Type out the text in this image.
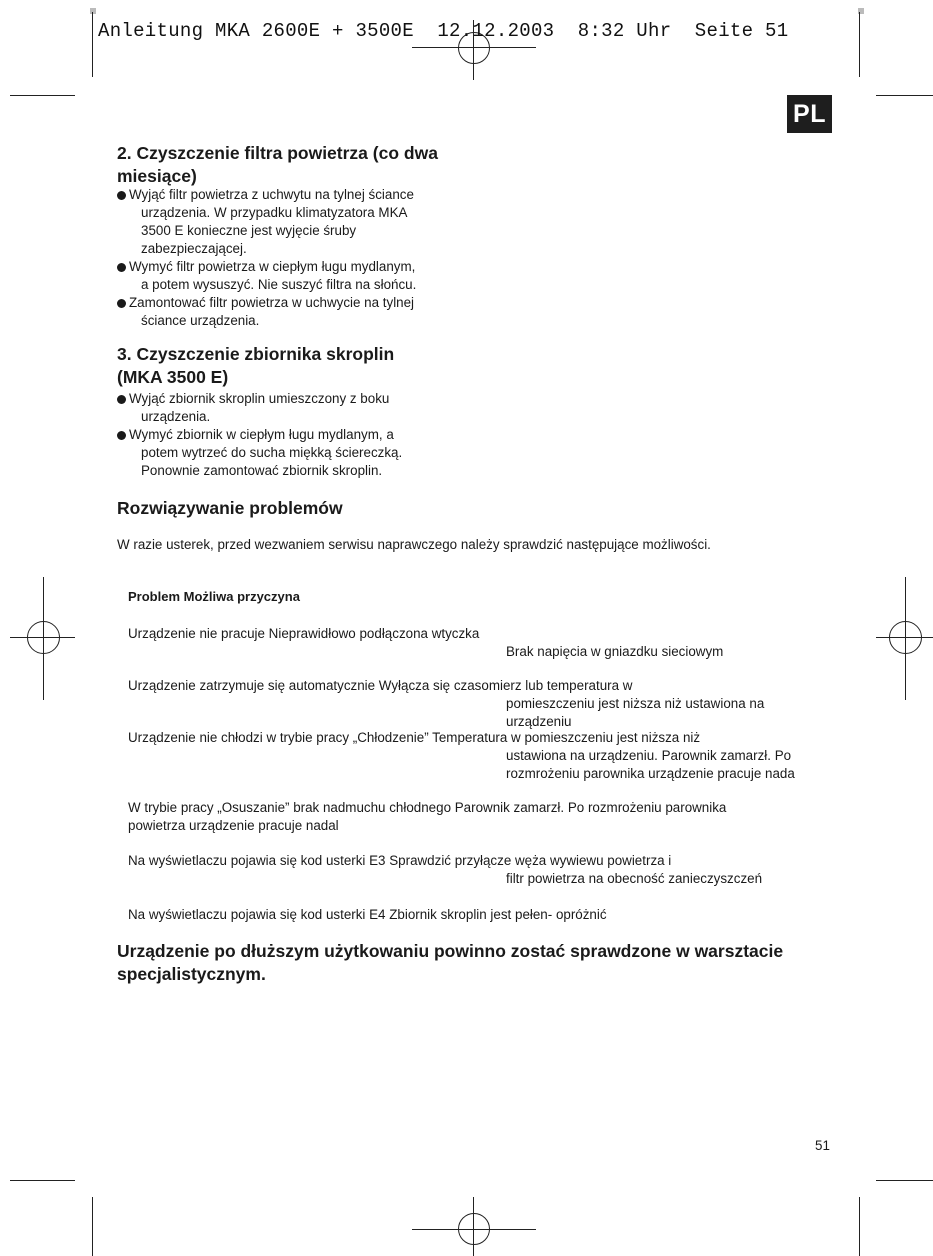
Anleitung MKA 2600E + 3500E  12.12.2003  8:32 Uhr  Seite 51
PL
2. Czyszczenie filtra powietrza (co dwa miesiące)
Wyjąć filtr powietrza z uchwytu na tylnej ściance
urządzenia. W przypadku klimatyzatora MKA
3500 E konieczne jest wyjęcie śruby
zabezpieczającej.
Wymyć filtr powietrza w ciepłym ługu mydlanym,
a potem wysuszyć. Nie suszyć filtra na słońcu.
Zamontować filtr powietrza w uchwycie na tylnej
ściance urządzenia.
3. Czyszczenie zbiornika skroplin
(MKA 3500 E)
Wyjąć zbiornik skroplin umieszczony z boku
urządzenia.
Wymyć zbiornik w ciepłym ługu mydlanym, a
potem wytrzeć do sucha miękką ściereczką.
Ponownie zamontować zbiornik skroplin.
Rozwiązywanie problemów
W razie usterek, przed wezwaniem serwisu naprawczego należy sprawdzić następujące możliwości.
Problem Możliwa przyczyna
Urządzenie nie pracuje Nieprawidłowo podłączona wtyczka
Brak napięcia w gniazdku sieciowym
Urządzenie zatrzymuje się automatycznie Wyłącza się czasomierz lub temperatura w
pomieszczeniu jest niższa niż ustawiona na
urządzeniu
Urządzenie nie chłodzi w trybie pracy „Chłodzenie” Temperatura w pomieszczeniu jest niższa niż
ustawiona na urządzeniu. Parownik zamarzł. Po
rozmrożeniu parownika urządzenie pracuje nada
W trybie pracy „Osuszanie” brak nadmuchu chłodnego Parownik zamarzł. Po rozmrożeniu parownika
powietrza urządzenie pracuje nadal
Na wyświetlaczu pojawia się kod usterki E3 Sprawdzić przyłącze węża wywiewu powietrza i
filtr powietrza na obecność zanieczyszczeń
Na wyświetlaczu pojawia się kod usterki E4 Zbiornik skroplin jest pełen- opróżnić

Urządzenie po dłuższym użytkowaniu powinno zostać sprawdzone w warsztacie
specjalistycznym.

51
